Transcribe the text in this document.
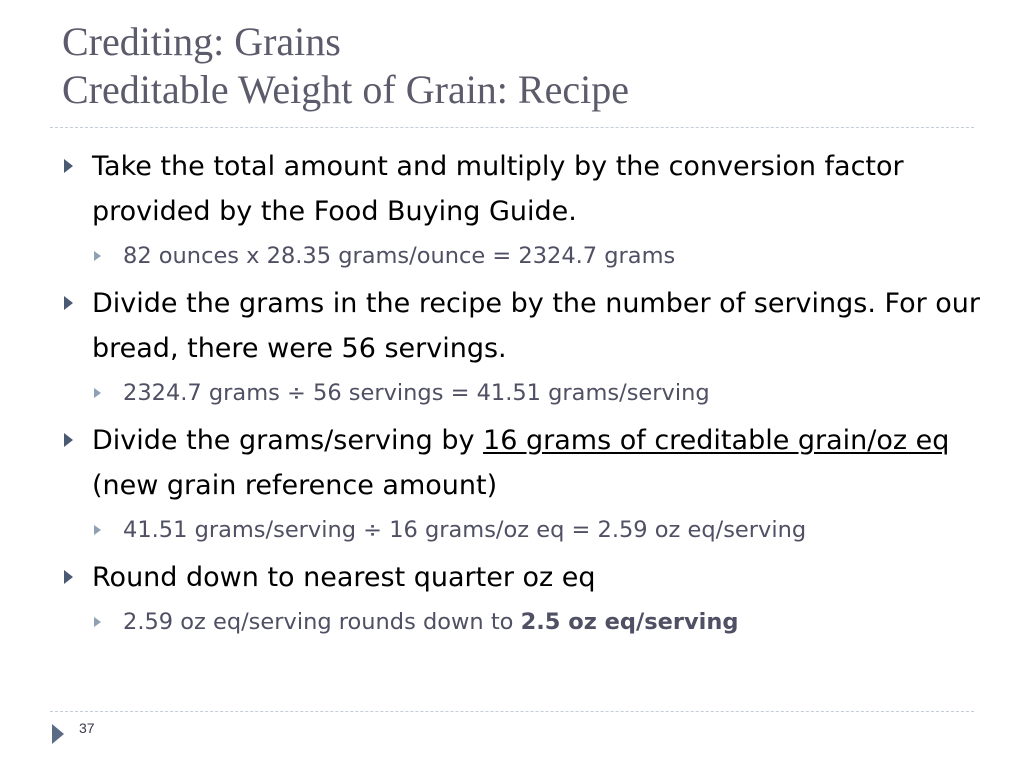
Crediting: Grains
Creditable Weight of Grain: Recipe
Take the total amount and multiply by the conversion factor provided by the Food Buying Guide.
82 ounces x 28.35 grams/ounce = 2324.7 grams
Divide the grams in the recipe by the number of servings. For our bread, there were 56 servings.
2324.7 grams ÷ 56 servings = 41.51 grams/serving
Divide the grams/serving by 16 grams of creditable grain/oz eq (new grain reference amount)
41.51 grams/serving ÷ 16 grams/oz eq = 2.59 oz eq/serving
Round down to nearest quarter oz eq
2.59 oz eq/serving rounds down to 2.5 oz eq/serving
37
